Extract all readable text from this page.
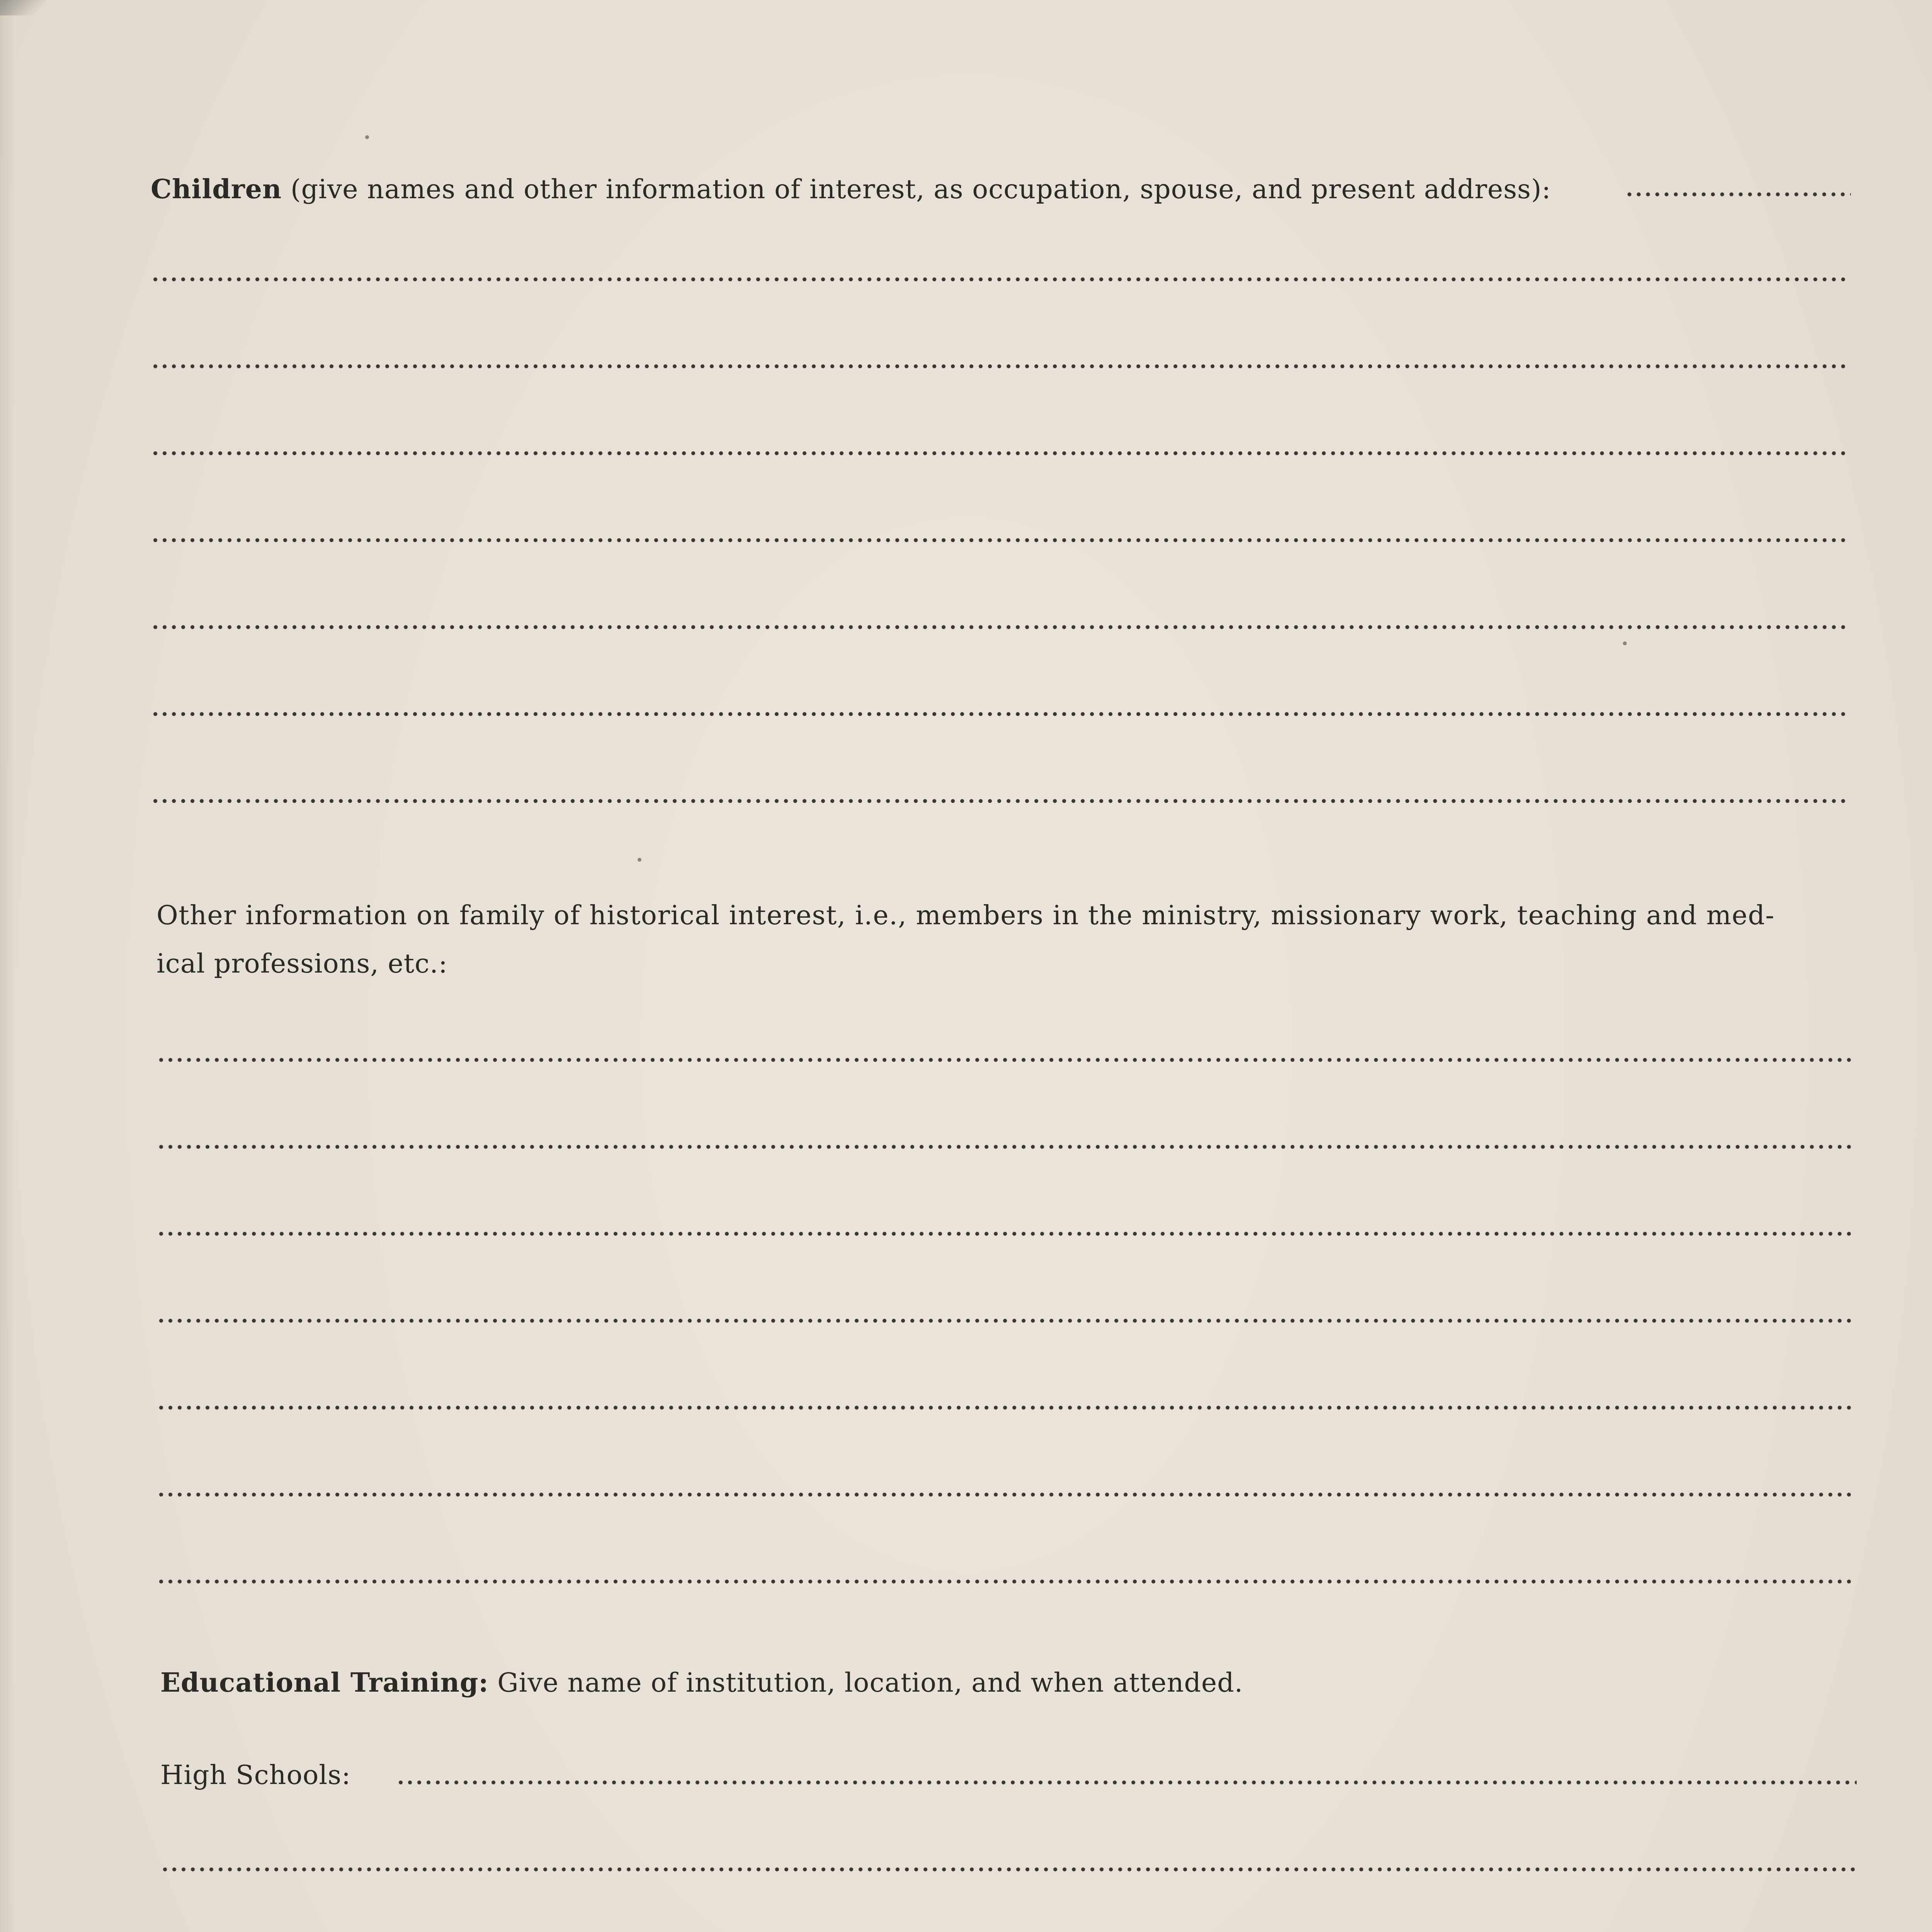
Children (give names and other information of interest, as occupation, spouse, and present address):
Other information on family of historical interest, i.e., members in the ministry, missionary work, teaching and med-
ical professions, etc.:
Educational Training: Give name of institution, location, and when attended.
High Schools:
